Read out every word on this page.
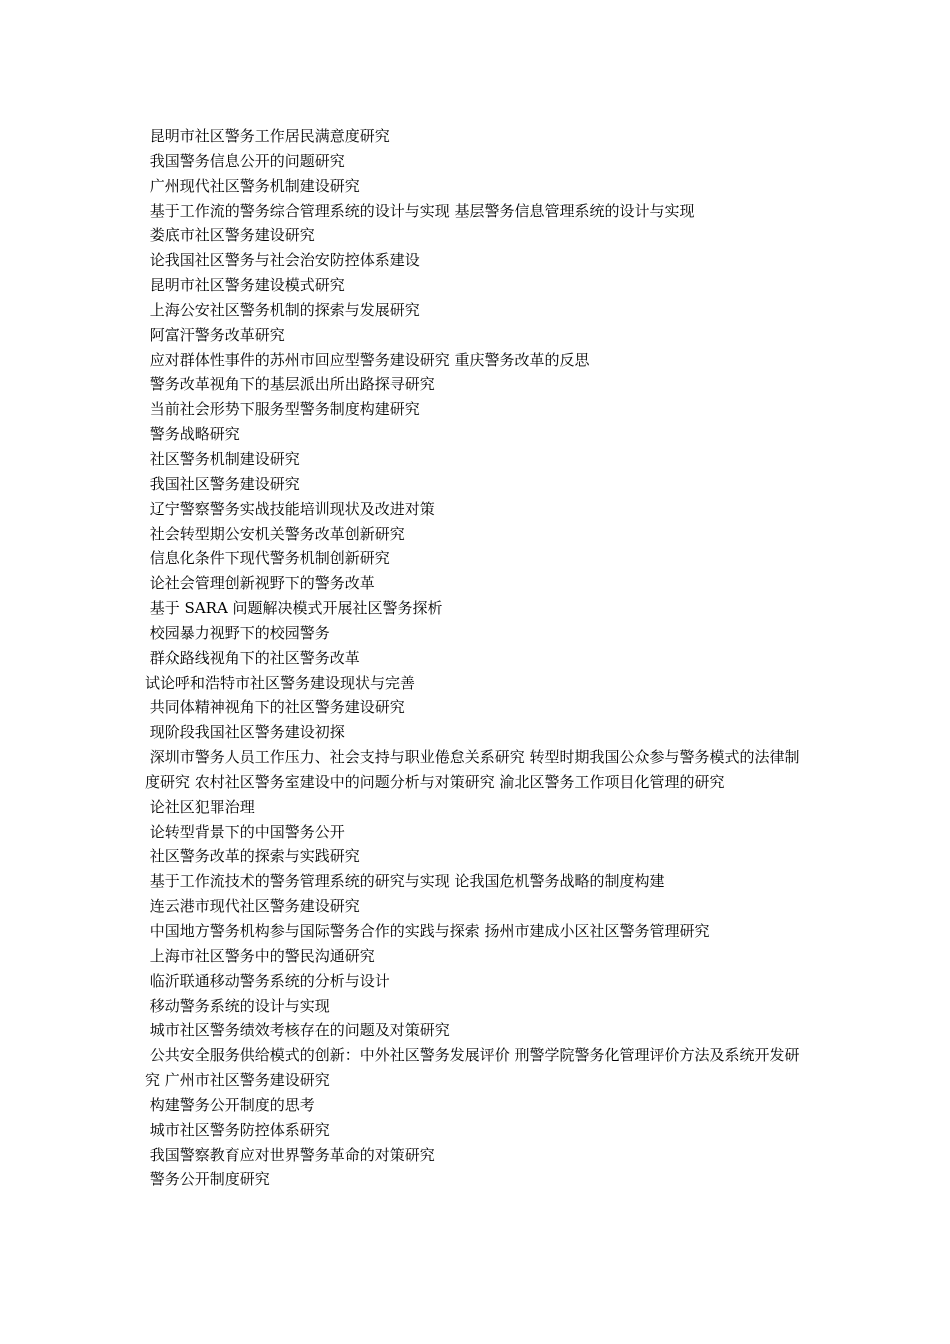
昆明市社区警务工作居民满意度研究

我国警务信息公开的问题研究

广州现代社区警务机制建设研究

基于工作流的警务综合管理系统的设计与实现 基层警务信息管理系统的设计与实现

娄底市社区警务建设研究

论我国社区警务与社会治安防控体系建设

昆明市社区警务建设模式研究

上海公安社区警务机制的探索与发展研究

阿富汗警务改革研究

应对群体性事件的苏州市回应型警务建设研究 重庆警务改革的反思

警务改革视角下的基层派出所出路探寻研究

当前社会形势下服务型警务制度构建研究

警务战略研究

社区警务机制建设研究

我国社区警务建设研究

辽宁警察警务实战技能培训现状及改进对策

社会转型期公安机关警务改革创新研究

信息化条件下现代警务机制创新研究

论社会管理创新视野下的警务改革

基于 SARA 问题解决模式开展社区警务探析

校园暴力视野下的校园警务

群众路线视角下的社区警务改革

试论呼和浩特市社区警务建设现状与完善

共同体精神视角下的社区警务建设研究

现阶段我国社区警务建设初探

深圳市警务人员工作压力、社会支持与职业倦怠关系研究 转型时期我国公众参与警务模式的法律制度研究 农村社区警务室建设中的问题分析与对策研究 渝北区警务工作项目化管理的研究

论社区犯罪治理

论转型背景下的中国警务公开

社区警务改革的探索与实践研究

基于工作流技术的警务管理系统的研究与实现 论我国危机警务战略的制度构建

连云港市现代社区警务建设研究

中国地方警务机构参与国际警务合作的实践与探索 扬州市建成小区社区警务管理研究

上海市社区警务中的警民沟通研究

临沂联通移动警务系统的分析与设计

移动警务系统的设计与实现

城市社区警务绩效考核存在的问题及对策研究

公共安全服务供给模式的创新：中外社区警务发展评价 刑警学院警务化管理评价方法及系统开发研究 广州市社区警务建设研究

构建警务公开制度的思考

城市社区警务防控体系研究

我国警察教育应对世界警务革命的对策研究

警务公开制度研究
